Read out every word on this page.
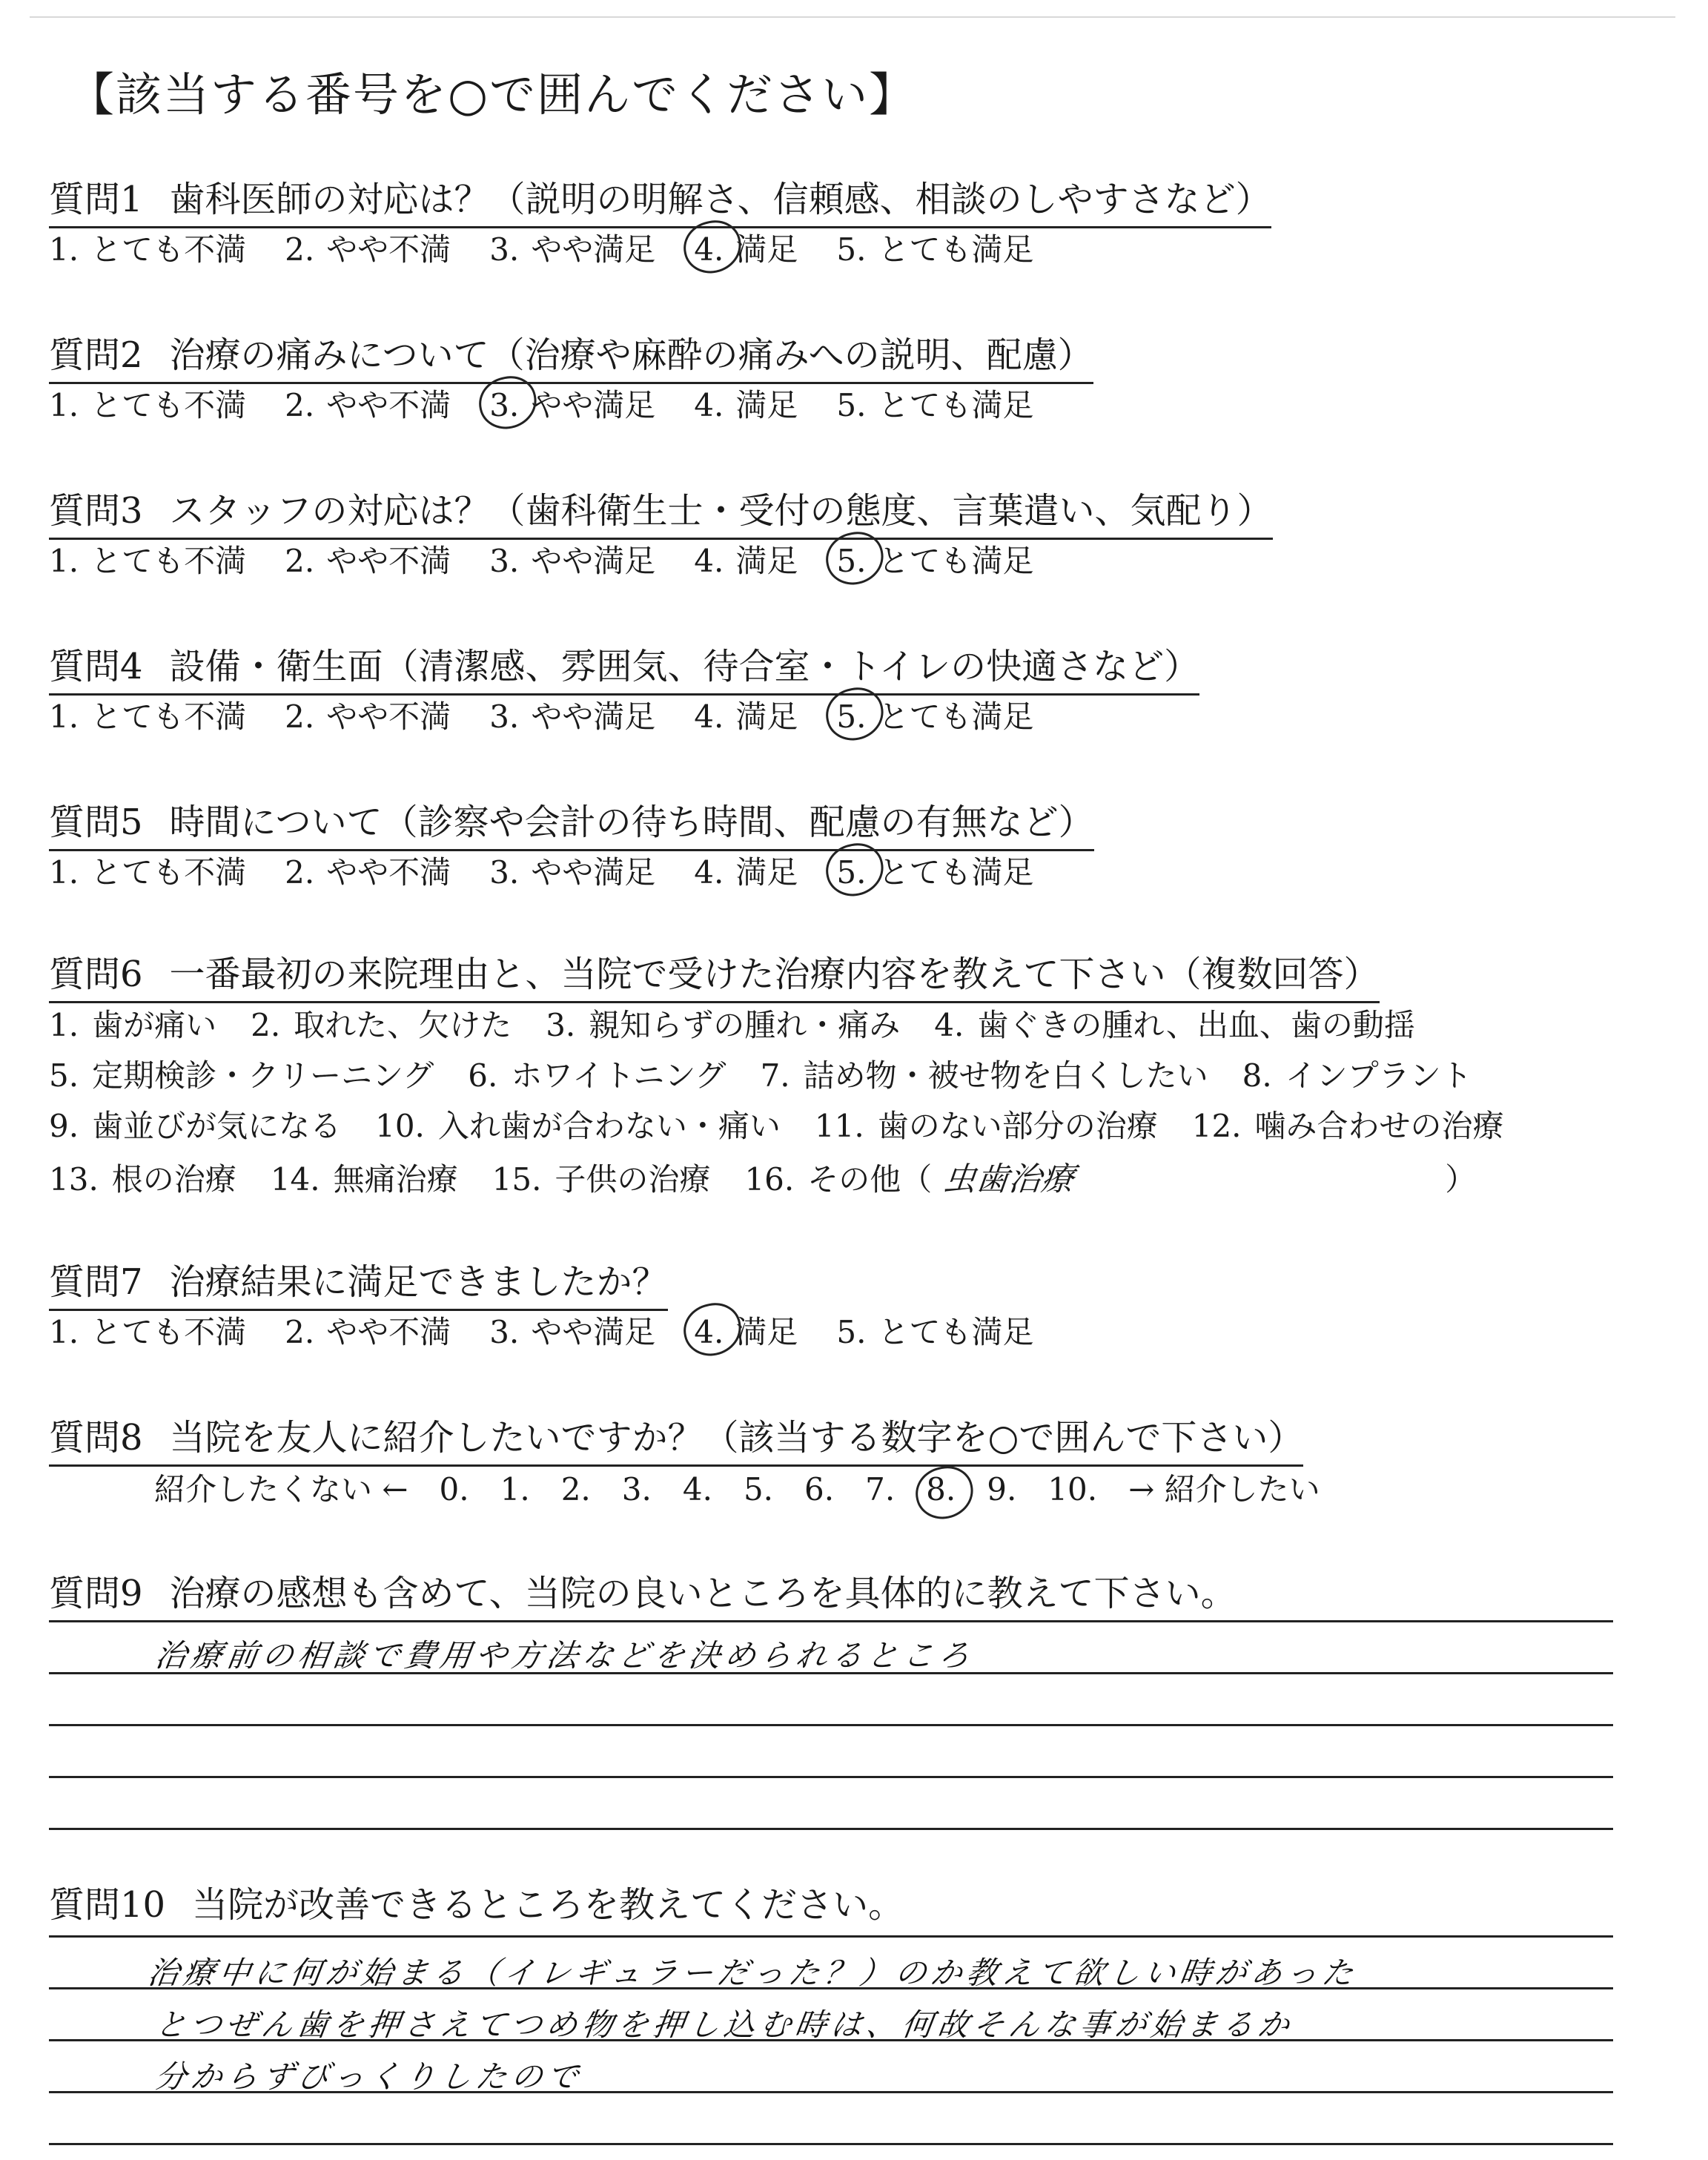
【該当する番号を○で囲んでください】
質問1 歯科医師の対応は？（説明の明解さ、信頼感、相談のしやすさなど）
1. とても不満 2. やや不満 3. やや満足 4. 満足 5. とても満足
質問2 治療の痛みについて（治療や麻酔の痛みへの説明、配慮）
1. とても不満 2. やや不満 3. やや満足 4. 満足 5. とても満足
質問3 スタッフの対応は？（歯科衛生士・受付の態度、言葉遣い、気配り）
1. とても不満 2. やや不満 3. やや満足 4. 満足 5. とても満足
質問4 設備・衛生面（清潔感、雰囲気、待合室・トイレの快適さなど）
1. とても不満 2. やや不満 3. やや満足 4. 満足 5. とても満足
質問5 時間について（診察や会計の待ち時間、配慮の有無など）
1. とても不満 2. やや不満 3. やや満足 4. 満足 5. とても満足
質問6 一番最初の来院理由と、当院で受けた治療内容を教えて下さい（複数回答）
1. 歯が痛い 2. 取れた、欠けた 3. 親知らずの腫れ・痛み 4. 歯ぐきの腫れ、出血、歯の動揺
5. 定期検診・クリーニング 6. ホワイトニング 7. 詰め物・被せ物を白くしたい 8. インプラント
9. 歯並びが気になる 10. 入れ歯が合わない・痛い 11. 歯のない部分の治療 12. 噛み合わせの治療
13. 根の治療 14. 無痛治療 15. 子供の治療 16. その他（ 虫歯治療	）
質問7 治療結果に満足できましたか？
1. とても不満 2. やや不満 3. やや満足 4. 満足 5. とても満足
質問8 当院を友人に紹介したいですか？（該当する数字を○で囲んで下さい）
紹介したくない ← 0. 1. 2. 3. 4. 5. 6. 7. 8. 9. 10. → 紹介したい
質問9 治療の感想も含めて、当院の良いところを具体的に教えて下さい。
治療前の相談で費用や方法などを決められるところ
質問10 当院が改善できるところを教えてください。
治療中に何が始まる（イレギュラーだった？）のか教えて欲しい時があった
とつぜん歯を押さえてつめ物を押し込む時は、何故そんな事が始まるか
分からずびっくりしたので
